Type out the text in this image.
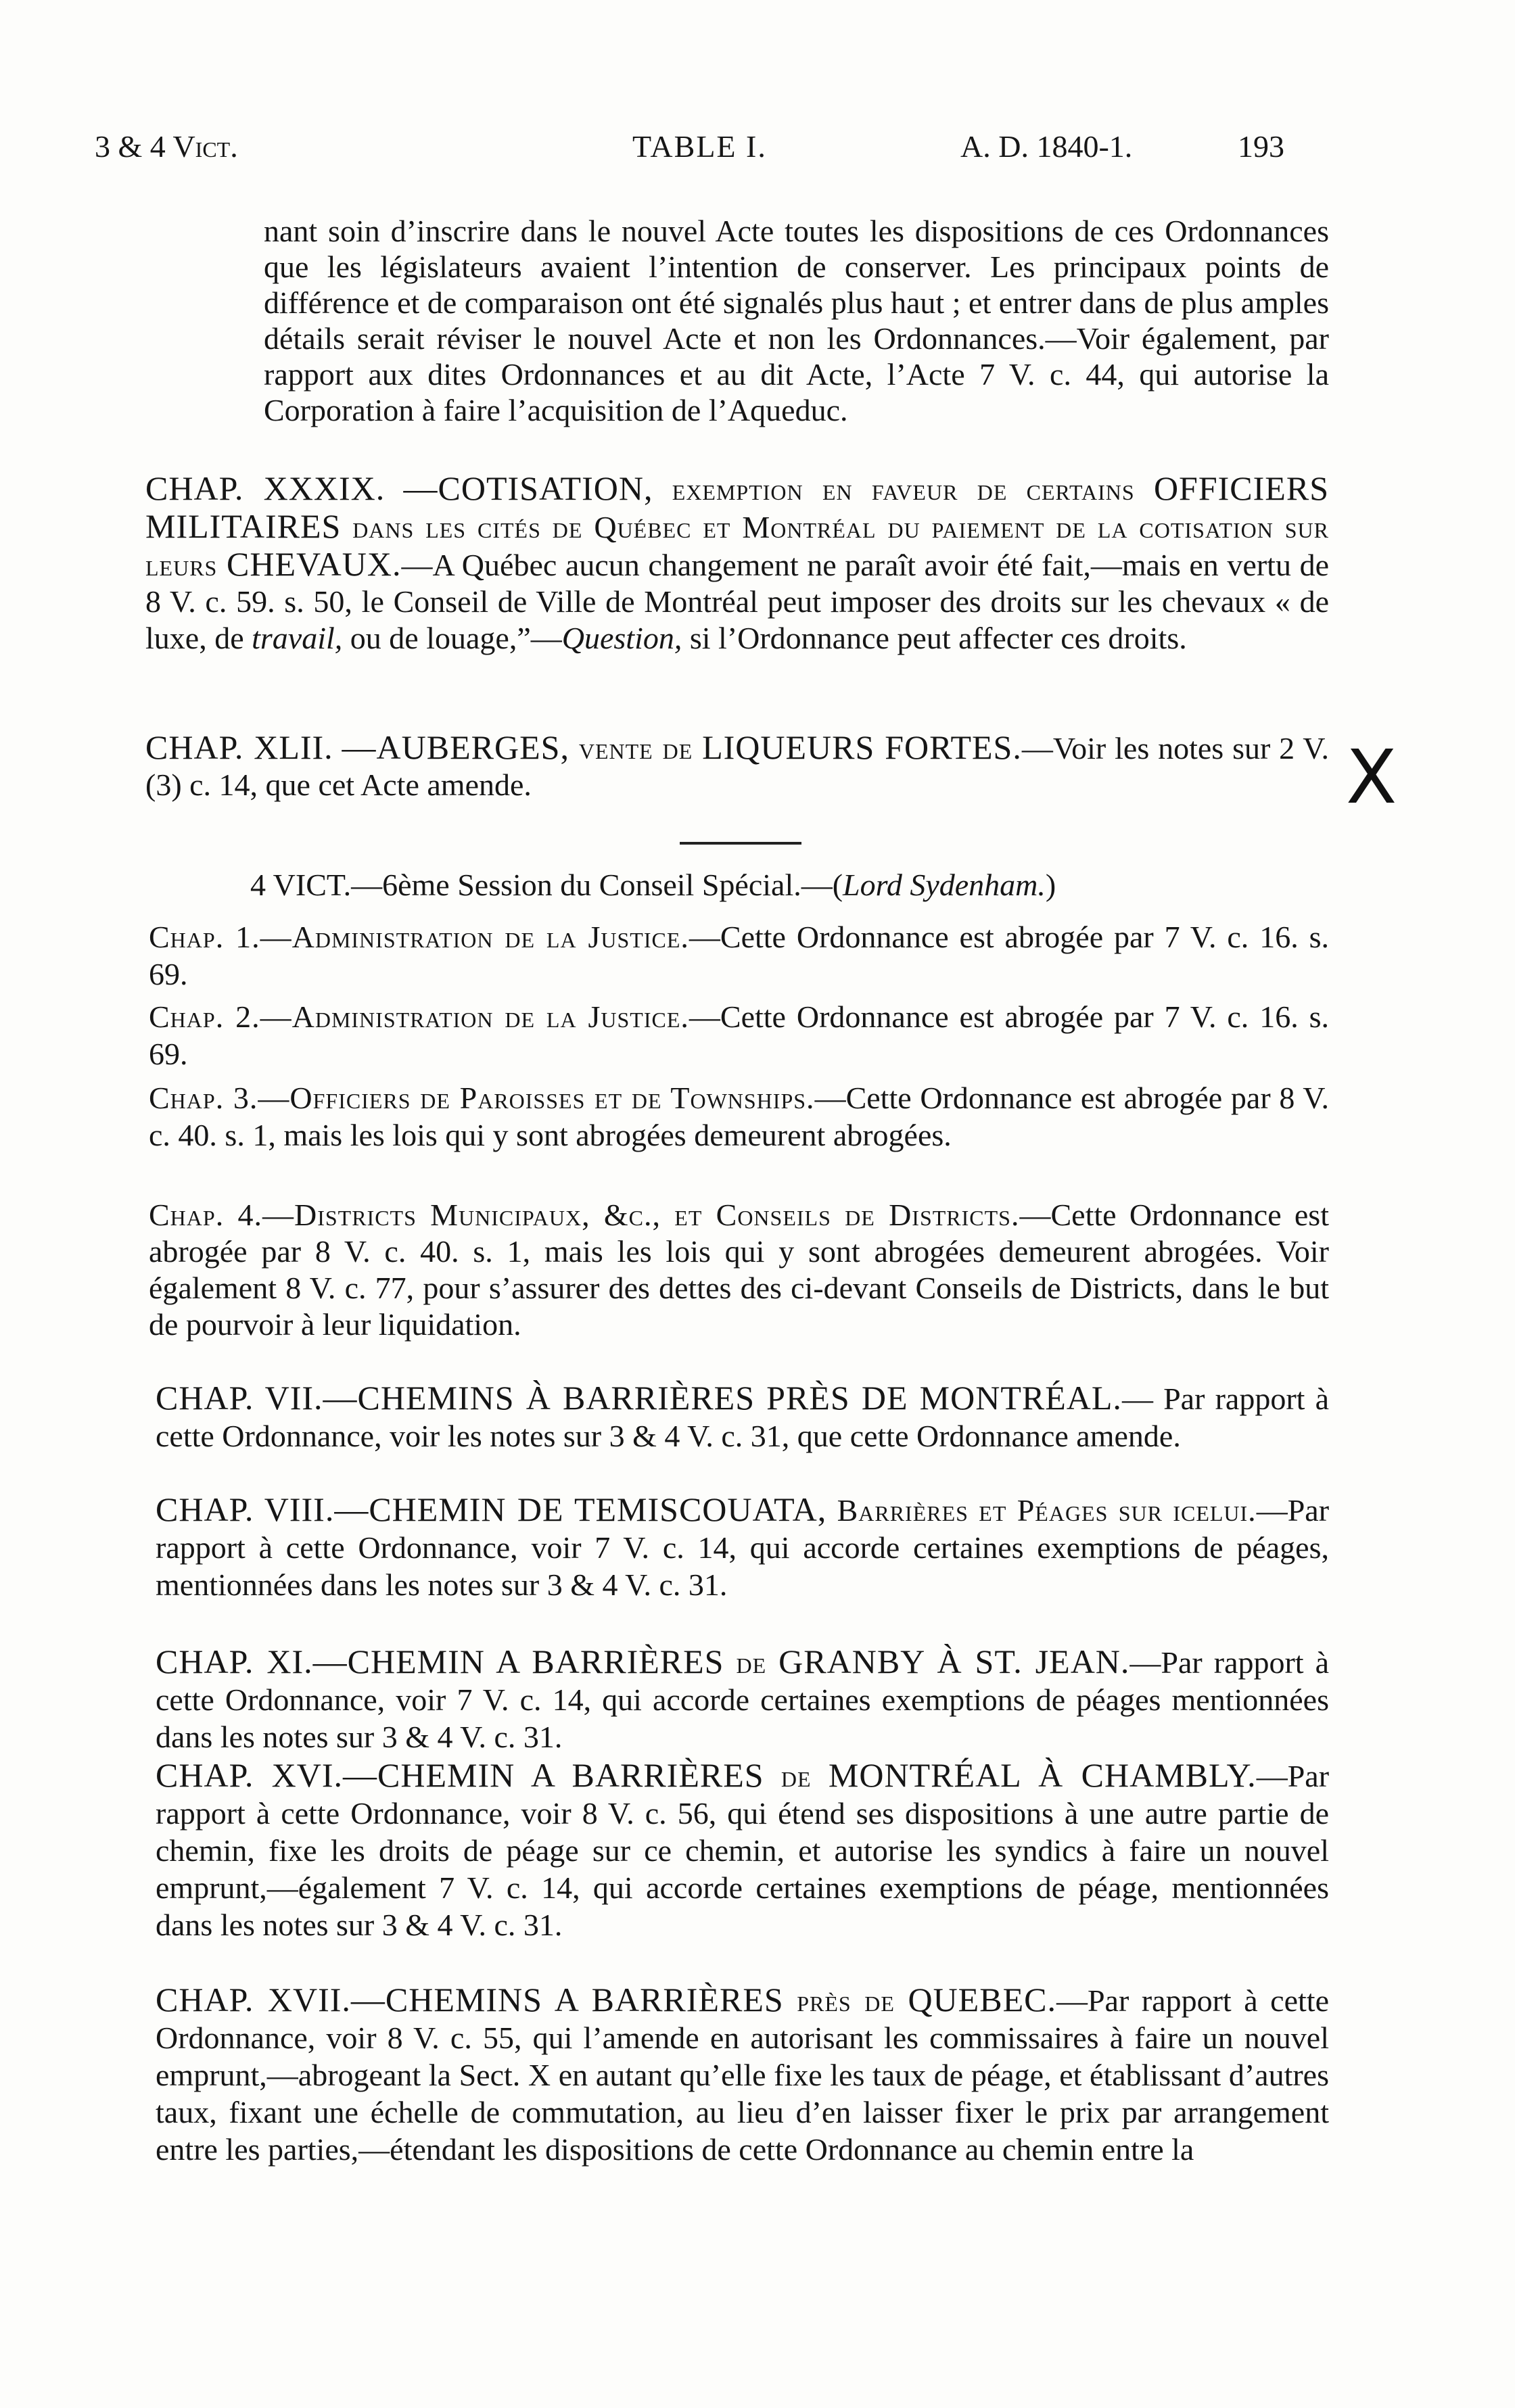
3 & 4 Vict.	TABLE I.	A. D. 1840-1.	193
nant soin d’inscrire dans le nouvel Acte toutes les dispositions de ces Ordonnances que les législateurs avaient l’intention de conserver. Les principaux points de différence et de comparaison ont été signalés plus haut ; et entrer dans de plus amples détails serait réviser le nouvel Acte et non les Ordonnances.—Voir également, par rapport aux dites Ordonnances et au dit Acte, l’Acte 7 V. c. 44, qui autorise la Corporation à faire l’acquisition de l’Aqueduc.
CHAP. XXXIX. —COTISATION, exemption en faveur de certains OFFICIERS MILITAIRES dans les cités de Québec et Montréal du paiement de la cotisation sur leurs CHEVAUX.—A Québec aucun changement ne paraît avoir été fait,—mais en vertu de 8 V. c. 59. s. 50, le Conseil de Ville de Montréal peut imposer des droits sur les chevaux « de luxe, de travail, ou de louage,”—Question, si l’Ordonnance peut affecter ces droits.
CHAP. XLII. —AUBERGES, vente de LIQUEURS FORTES.—Voir les notes sur 2 V. (3) c. 14, que cet Acte amende.	X
4 VICT.—6ème Session du Conseil Spécial.—(Lord Sydenham.)
Chap. 1.—Administration de la Justice.—Cette Ordonnance est abrogée par 7 V. c. 16. s. 69.
Chap. 2.—Administration de la Justice.—Cette Ordonnance est abrogée par 7 V. c. 16. s. 69.
Chap. 3.—Officiers de Paroisses et de Townships.—Cette Ordonnance est abrogée par 8 V. c. 40. s. 1, mais les lois qui y sont abrogées demeurent abrogées.
Chap. 4.—Districts Municipaux, &c., et Conseils de Districts.—Cette Ordonnance est abrogée par 8 V. c. 40. s. 1, mais les lois qui y sont abrogées demeurent abrogées. Voir également 8 V. c. 77, pour s’assurer des dettes des ci-devant Conseils de Districts, dans le but de pourvoir à leur liquidation.
CHAP. VII.—CHEMINS À BARRIÈRES PRÈS DE MONTRÉAL.— Par rapport à cette Ordonnance, voir les notes sur 3 & 4 V. c. 31, que cette Ordonnance amende.
CHAP. VIII.—CHEMIN DE TEMISCOUATA, Barrières et Péages sur icelui.—Par rapport à cette Ordonnance, voir 7 V. c. 14, qui accorde certaines exemptions de péages, mentionnées dans les notes sur 3 & 4 V. c. 31.
CHAP. XI.—CHEMIN A BARRIÈRES de GRANBY À ST. JEAN.—Par rapport à cette Ordonnance, voir 7 V. c. 14, qui accorde certaines exemptions de péages mentionnées dans les notes sur 3 & 4 V. c. 31.
CHAP. XVI.—CHEMIN A BARRIÈRES de MONTRÉAL À CHAMBLY.—Par rapport à cette Ordonnance, voir 8 V. c. 56, qui étend ses dispositions à une autre partie de chemin, fixe les droits de péage sur ce chemin, et autorise les syndics à faire un nouvel emprunt,—également 7 V. c. 14, qui accorde certaines exemptions de péage, mentionnées dans les notes sur 3 & 4 V. c. 31.
CHAP. XVII.—CHEMINS A BARRIÈRES près de QUEBEC.—Par rapport à cette Ordonnance, voir 8 V. c. 55, qui l’amende en autorisant les commissaires à faire un nouvel emprunt,—abrogeant la Sect. X en autant qu’elle fixe les taux de péage, et établissant d’autres taux, fixant une échelle de commutation, au lieu d’en laisser fixer le prix par arrangement entre les parties,—étendant les dispositions de cette Ordonnance au chemin entre la
